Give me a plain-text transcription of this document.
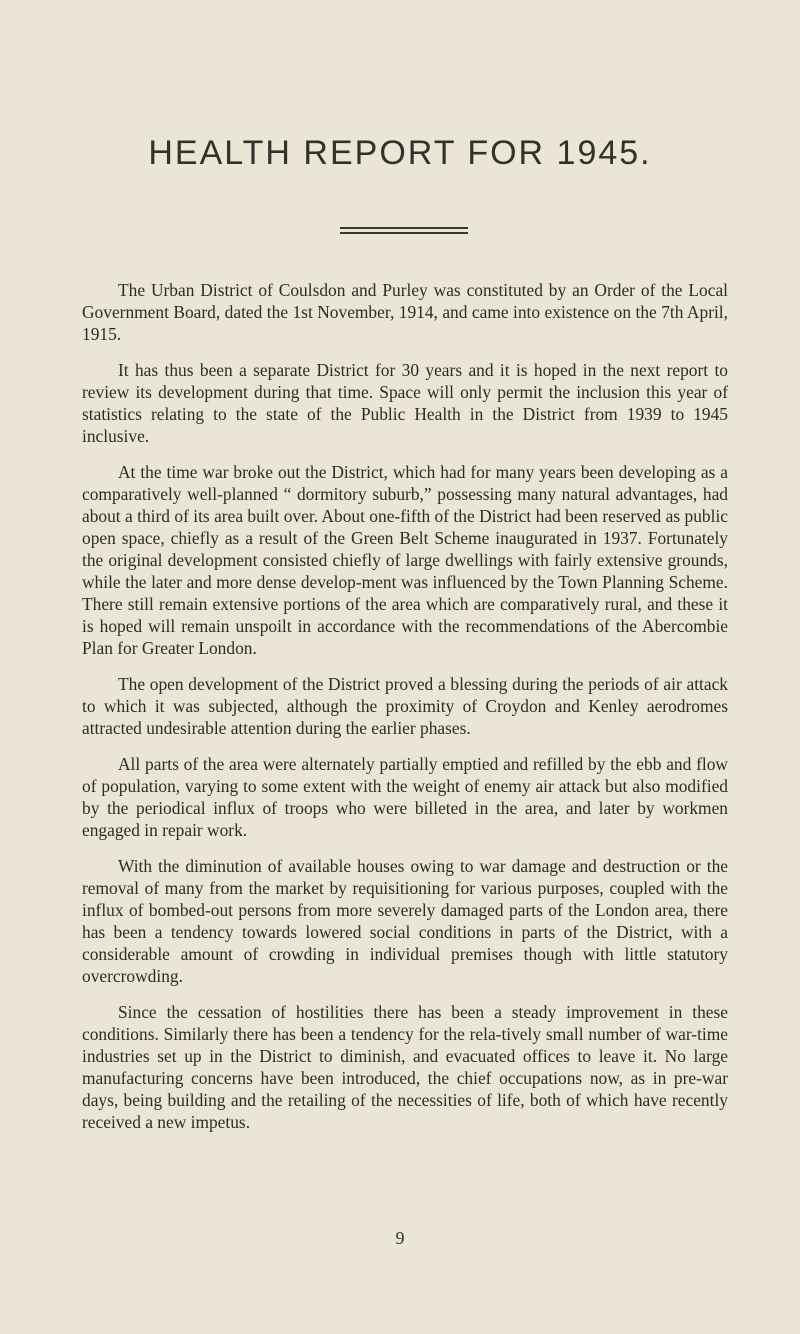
HEALTH REPORT FOR 1945.

The Urban District of Coulsdon and Purley was constituted by an Order of the Local Government Board, dated the 1st November, 1914, and came into existence on the 7th April, 1915.

It has thus been a separate District for 30 years and it is hoped in the next report to review its development during that time. Space will only permit the inclusion this year of statistics relating to the state of the Public Health in the District from 1939 to 1945 inclusive.

At the time war broke out the District, which had for many years been developing as a comparatively well-planned “ dormitory suburb,” possessing many natural advantages, had about a third of its area built over. About one-fifth of the District had been reserved as public open space, chiefly as a result of the Green Belt Scheme inaugurated in 1937. Fortunately the original development consisted chiefly of large dwellings with fairly extensive grounds, while the later and more dense develop-ment was influenced by the Town Planning Scheme. There still remain extensive portions of the area which are comparatively rural, and these it is hoped will remain unspoilt in accordance with the recommendations of the Abercombie Plan for Greater London.

The open development of the District proved a blessing during the periods of air attack to which it was subjected, although the proximity of Croydon and Kenley aerodromes attracted undesirable attention during the earlier phases.

All parts of the area were alternately partially emptied and refilled by the ebb and flow of population, varying to some extent with the weight of enemy air attack but also modified by the periodical influx of troops who were billeted in the area, and later by workmen engaged in repair work.

With the diminution of available houses owing to war damage and destruction or the removal of many from the market by requisitioning for various purposes, coupled with the influx of bombed-out persons from more severely damaged parts of the London area, there has been a tendency towards lowered social conditions in parts of the District, with a considerable amount of crowding in individual premises though with little statutory overcrowding.

Since the cessation of hostilities there has been a steady improvement in these conditions. Similarly there has been a tendency for the rela-tively small number of war-time industries set up in the District to diminish, and evacuated offices to leave it. No large manufacturing concerns have been introduced, the chief occupations now, as in pre-war days, being building and the retailing of the necessities of life, both of which have recently received a new impetus.

9
